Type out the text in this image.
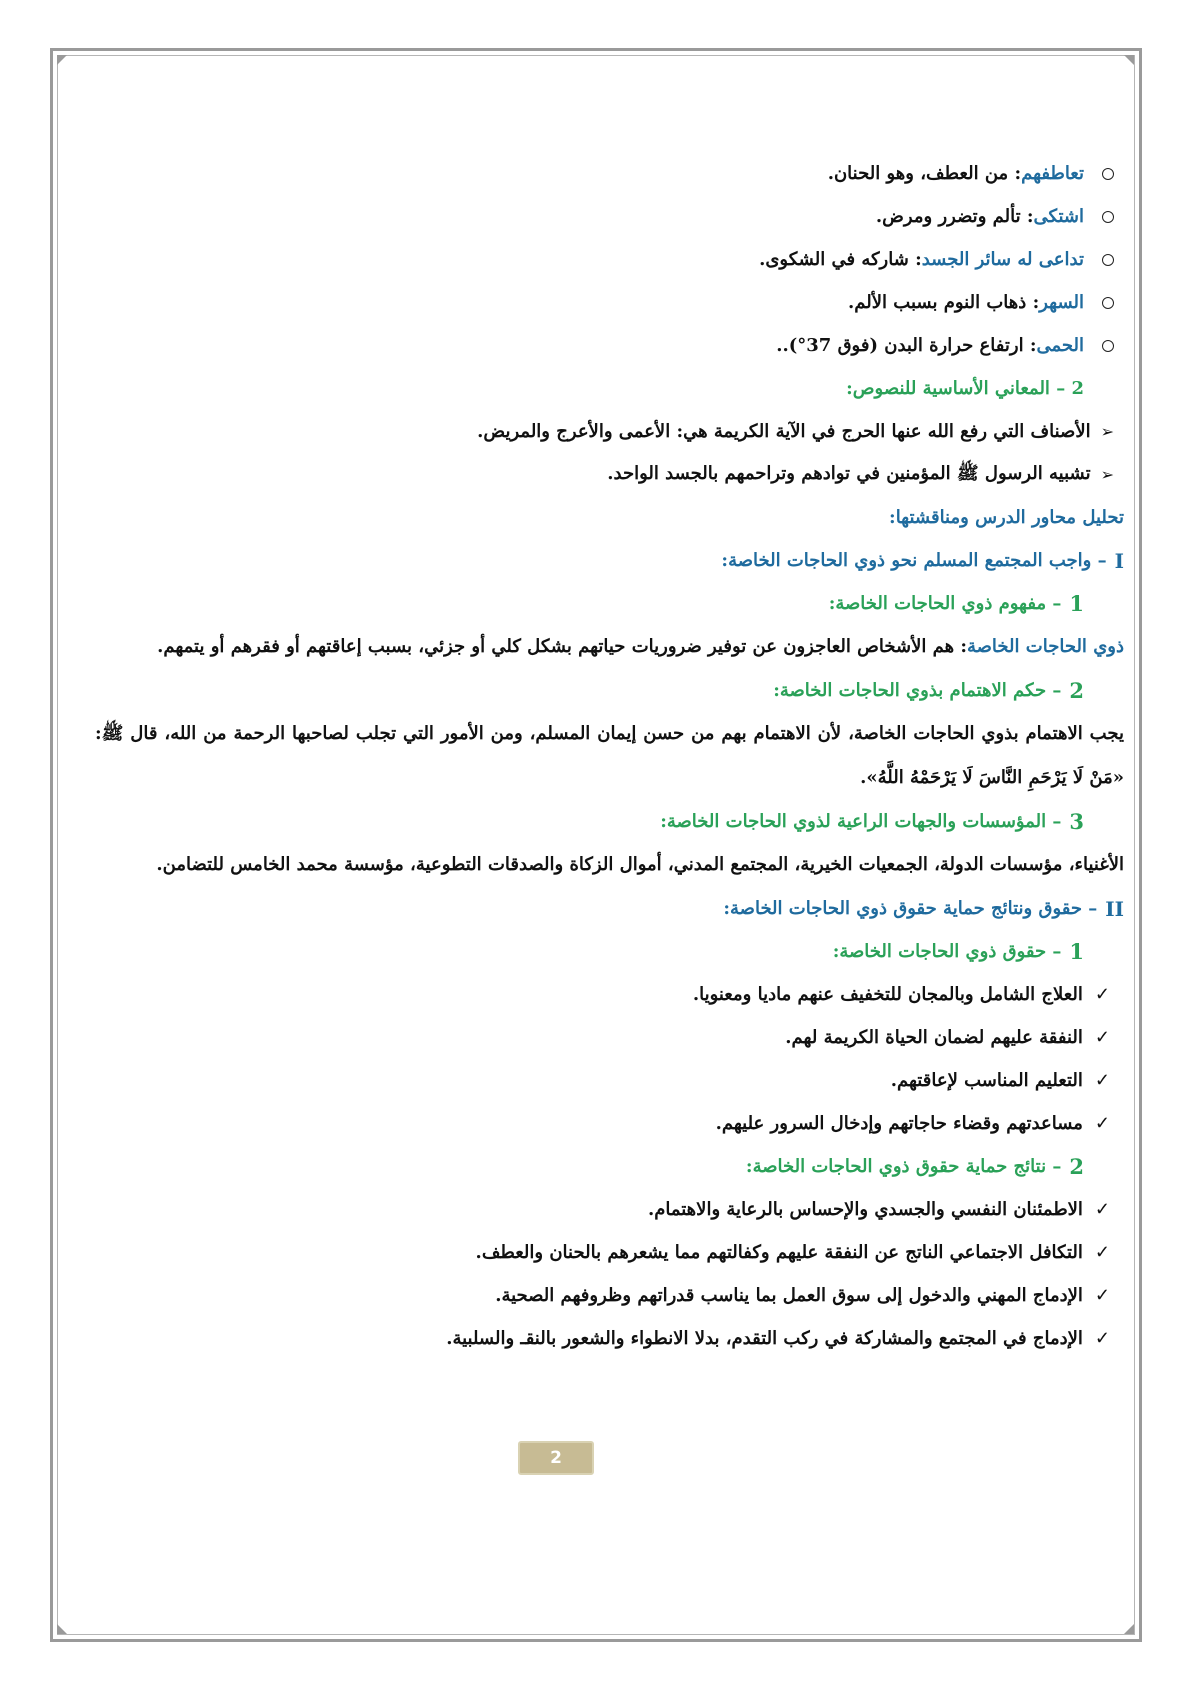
تعاطفهم
: من العطف، وهو الحنان.
اشتكى
: تألم وتضرر ومرض.
تداعى له سائر الجسد
: شاركه في الشكوى.
السهر
: ذهاب النوم بسبب الألم.
الحمى
: ارتفاع حرارة البدن (فوق 37°)..
2 – المعاني الأساسية للنصوص:
➢
الأصناف التي رفع الله عنها الحرج في الآية الكريمة هي: الأعمى والأعرج والمريض.
➢
تشبيه الرسول ﷺ المؤمنين في توادهم وتراحمهم بالجسد الواحد.
تحليل محاور الدرس ومناقشتها:
I
– واجب المجتمع المسلم نحو ذوي الحاجات الخاصة:
1
– مفهوم ذوي الحاجات الخاصة:
ذوي الحاجات الخاصة: هم الأشخاص العاجزون عن توفير ضروريات حياتهم بشكل كلي أو جزئي، بسبب إعاقتهم أو فقرهم أو يتمهم.
2
– حكم الاهتمام بذوي الحاجات الخاصة:
يجب الاهتمام بذوي الحاجات الخاصة، لأن الاهتمام بهم من حسن إيمان المسلم، ومن الأمور التي تجلب لصاحبها الرحمة من الله، قال ﷺ: «مَنْ لَا يَرْحَمِ النَّاسَ لَا يَرْحَمْهُ اللَّهُ».
3
– المؤسسات والجهات الراعية لذوي الحاجات الخاصة:
الأغنياء، مؤسسات الدولة، الجمعيات الخيرية، المجتمع المدني، أموال الزكاة والصدقات التطوعية، مؤسسة محمد الخامس للتضامن.
II
– حقوق ونتائج حماية حقوق ذوي الحاجات الخاصة:
1
– حقوق ذوي الحاجات الخاصة:
✓
العلاج الشامل وبالمجان للتخفيف عنهم ماديا ومعنويا.
✓
النفقة عليهم لضمان الحياة الكريمة لهم.
✓
التعليم المناسب لإعاقتهم.
✓
مساعدتهم وقضاء حاجاتهم وإدخال السرور عليهم.
2
– نتائج حماية حقوق ذوي الحاجات الخاصة:
✓
الاطمئنان النفسي والجسدي والإحساس بالرعاية والاهتمام.
✓
التكافل الاجتماعي الناتج عن النفقة عليهم وكفالتهم مما يشعرهم بالحنان والعطف.
✓
الإدماج المهني والدخول إلى سوق العمل بما يناسب قدراتهم وظروفهم الصحية.
✓
الإدماج في المجتمع والمشاركة في ركب التقدم، بدلا الانطواء والشعور بالنقـ والسلبية.
2
